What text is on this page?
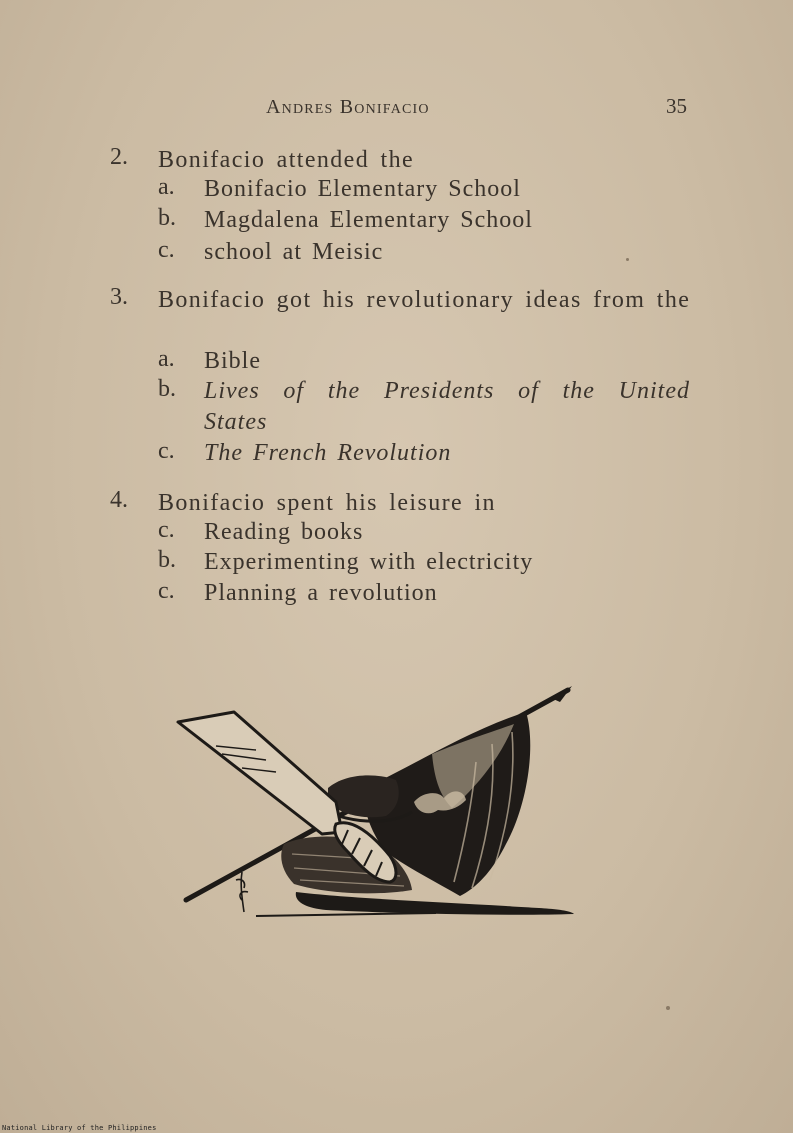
Andres Bonifacio	35
2. Bonifacio attended the
a. Bonifacio Elementary School
b. Magdalena Elementary School
c. school at Meisic
3. Bonifacio got his revolutionary ideas from the
a. Bible
b. Lives of the Presidents of the United States
c. The French Revolution
4. Bonifacio spent his leisure in
c. Reading books
b. Experimenting with electricity
c. Planning a revolution
National Library of the Philippines
